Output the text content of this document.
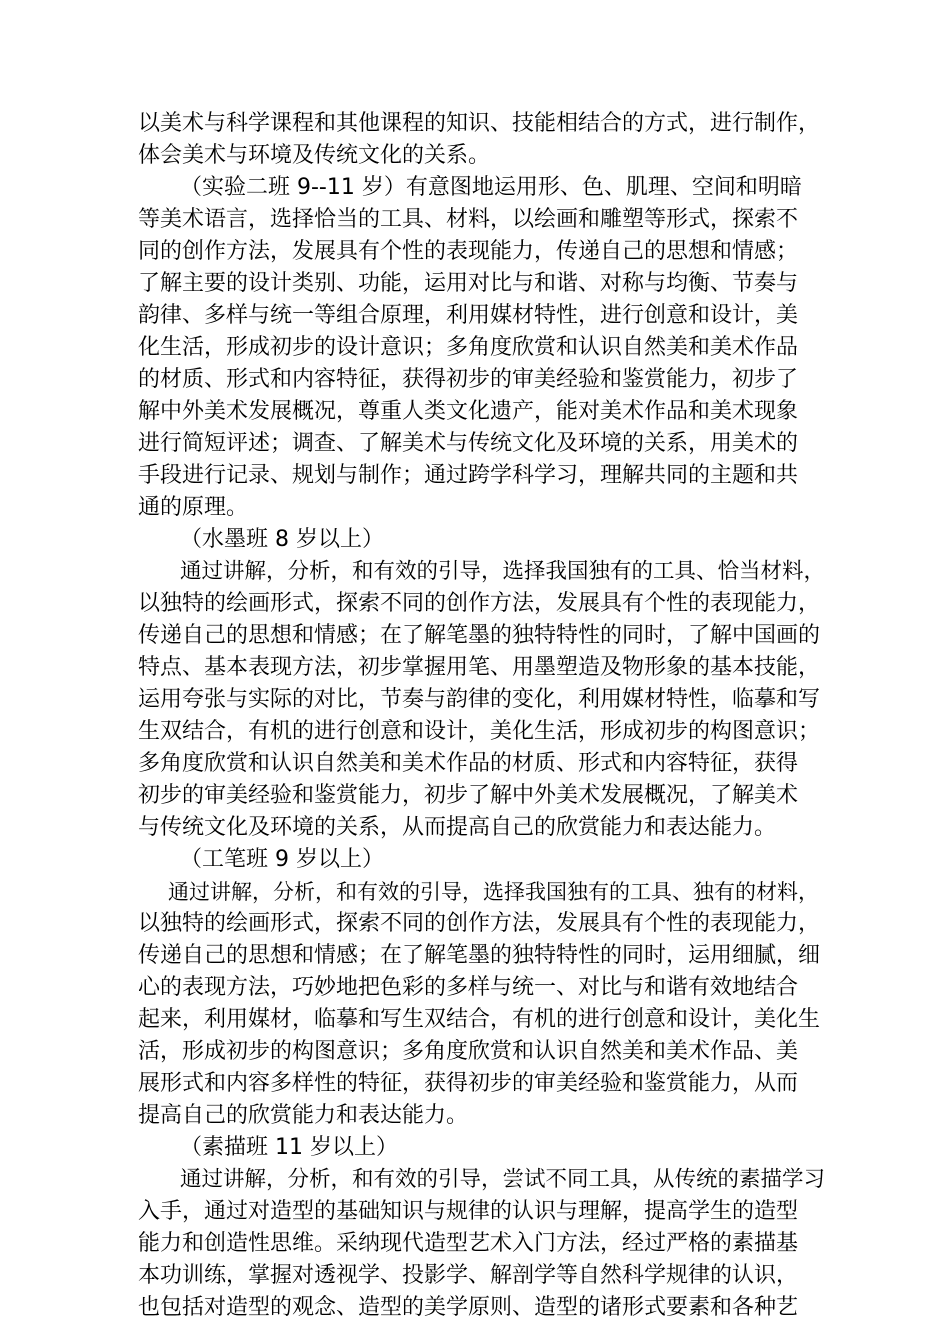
以美术与科学课程和其他课程的知识、技能相结合的方式，进行制作，
体会美术与环境及传统文化的关系。
（实验二班 9--11 岁）有意图地运用形、色、肌理、空间和明暗
等美术语言，选择恰当的工具、材料，以绘画和雕塑等形式，探索不
同的创作方法，发展具有个性的表现能力，传递自己的思想和情感；
了解主要的设计类别、功能，运用对比与和谐、对称与均衡、节奏与
韵律、多样与统一等组合原理，利用媒材特性，进行创意和设计，美
化生活，形成初步的设计意识；多角度欣赏和认识自然美和美术作品
的材质、形式和内容特征，获得初步的审美经验和鉴赏能力，初步了
解中外美术发展概况，尊重人类文化遗产，能对美术作品和美术现象
进行简短评述；调查、了解美术与传统文化及环境的关系，用美术的
手段进行记录、规划与制作；通过跨学科学习，理解共同的主题和共
通的原理。
（水墨班 8 岁以上）
通过讲解，分析，和有效的引导，选择我国独有的工具、恰当材料，
以独特的绘画形式，探索不同的创作方法，发展具有个性的表现能力，
传递自己的思想和情感；在了解笔墨的独特特性的同时，了解中国画的
特点、基本表现方法，初步掌握用笔、用墨塑造及物形象的基本技能，
运用夸张与实际的对比，节奏与韵律的变化，利用媒材特性，临摹和写
生双结合，有机的进行创意和设计，美化生活，形成初步的构图意识；
多角度欣赏和认识自然美和美术作品的材质、形式和内容特征，获得
初步的审美经验和鉴赏能力，初步了解中外美术发展概况，了解美术
与传统文化及环境的关系，从而提高自己的欣赏能力和表达能力。
（工笔班 9 岁以上）
通过讲解，分析，和有效的引导，选择我国独有的工具、独有的材料，
以独特的绘画形式，探索不同的创作方法，发展具有个性的表现能力，
传递自己的思想和情感；在了解笔墨的独特特性的同时，运用细腻，细
心的表现方法，巧妙地把色彩的多样与统一、对比与和谐有效地结合
起来，利用媒材，临摹和写生双结合，有机的进行创意和设计，美化生
活，形成初步的构图意识；多角度欣赏和认识自然美和美术作品、美
展形式和内容多样性的特征，获得初步的审美经验和鉴赏能力，从而
提高自己的欣赏能力和表达能力。
（素描班 11 岁以上）
通过讲解，分析，和有效的引导，尝试不同工具，从传统的素描学习
入手，通过对造型的基础知识与规律的认识与理解，提高学生的造型
能力和创造性思维。采纳现代造型艺术入门方法，经过严格的素描基
本功训练，掌握对透视学、投影学、解剖学等自然科学规律的认识，
也包括对造型的观念、造型的美学原则、造型的诸形式要素和各种艺
